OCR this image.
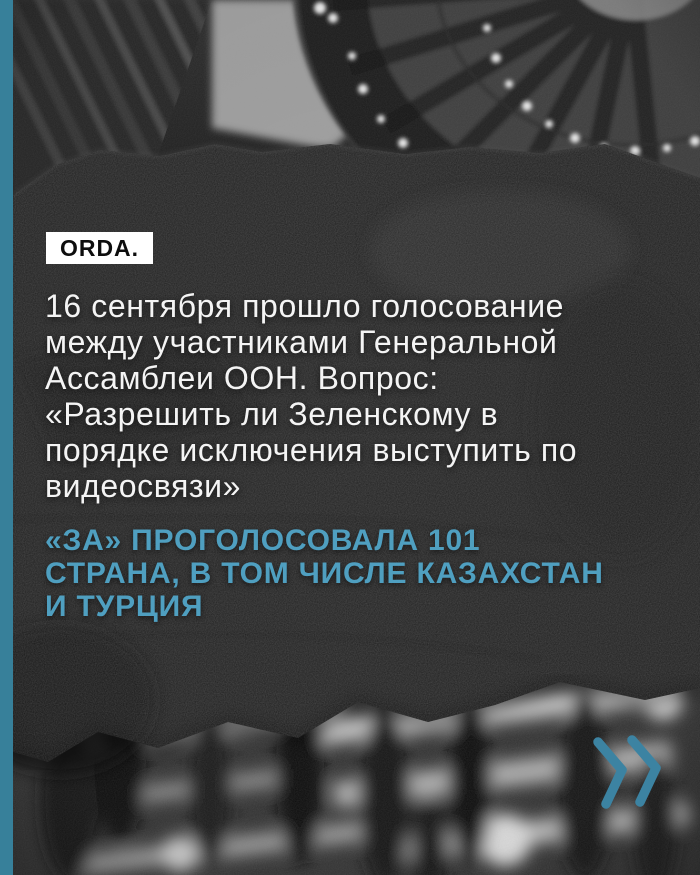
ORDA.
16 сентября прошло голосование
между участниками Генеральной
Ассамблеи ООН. Вопрос:
«Разрешить ли Зеленскому в
порядке исключения выступить по
видеосвязи»
«ЗА» ПРОГОЛОСОВАЛА 101
СТРАНА, В ТОМ ЧИСЛЕ КАЗАХСТАН
И ТУРЦИЯ
